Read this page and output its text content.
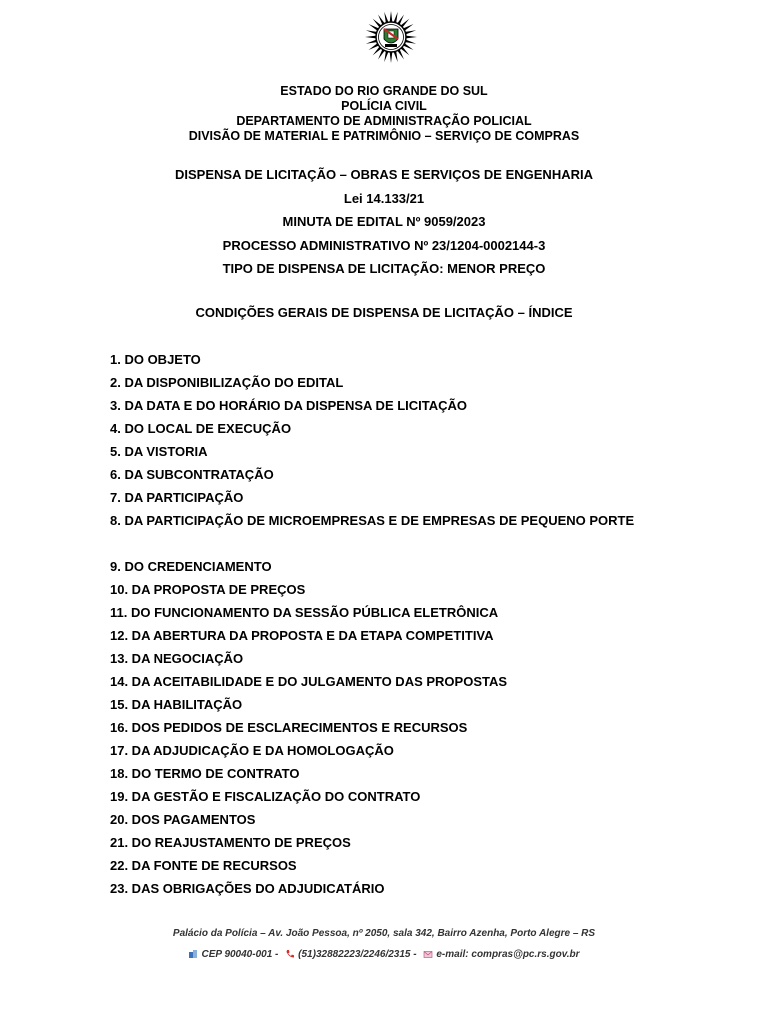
ESTADO DO RIO GRANDE DO SUL
POLÍCIA CIVIL
DEPARTAMENTO DE ADMINISTRAÇÃO POLICIAL
DIVISÃO DE MATERIAL E PATRIMÔNIO – SERVIÇO DE COMPRAS
DISPENSA DE LICITAÇÃO – OBRAS E SERVIÇOS DE ENGENHARIA
Lei 14.133/21
MINUTA DE EDITAL Nº 9059/2023
PROCESSO ADMINISTRATIVO Nº 23/1204-0002144-3
TIPO DE DISPENSA DE LICITAÇÃO: MENOR PREÇO
CONDIÇÕES GERAIS DE DISPENSA DE LICITAÇÃO – ÍNDICE
1. DO OBJETO
2. DA DISPONIBILIZAÇÃO DO EDITAL
3. DA DATA E DO HORÁRIO DA DISPENSA DE LICITAÇÃO
4. DO LOCAL DE EXECUÇÃO
5. DA VISTORIA
6. DA SUBCONTRATAÇÃO
7. DA PARTICIPAÇÃO
8. DA PARTICIPAÇÃO DE MICROEMPRESAS E DE EMPRESAS DE PEQUENO PORTE
9. DO CREDENCIAMENTO
10. DA PROPOSTA DE PREÇOS
11. DO FUNCIONAMENTO DA SESSÃO PÚBLICA ELETRÔNICA
12. DA ABERTURA DA PROPOSTA E DA ETAPA COMPETITIVA
13. DA NEGOCIAÇÃO
14. DA ACEITABILIDADE E DO JULGAMENTO DAS PROPOSTAS
15. DA HABILITAÇÃO
16. DOS PEDIDOS DE ESCLARECIMENTOS E RECURSOS
17. DA ADJUDICAÇÃO E DA HOMOLOGAÇÃO
18. DO TERMO DE CONTRATO
19. DA GESTÃO E FISCALIZAÇÃO DO CONTRATO
20. DOS PAGAMENTOS
21. DO REAJUSTAMENTO DE PREÇOS
22. DA FONTE DE RECURSOS
23. DAS OBRIGAÇÕES DO ADJUDICATÁRIO
Palácio da Polícia – Av. João Pessoa, nº 2050, sala 342, Bairro Azenha, Porto Alegre – RS
CEP 90040-001 - (51)32882223/2246/2315 - e-mail: compras@pc.rs.gov.br
